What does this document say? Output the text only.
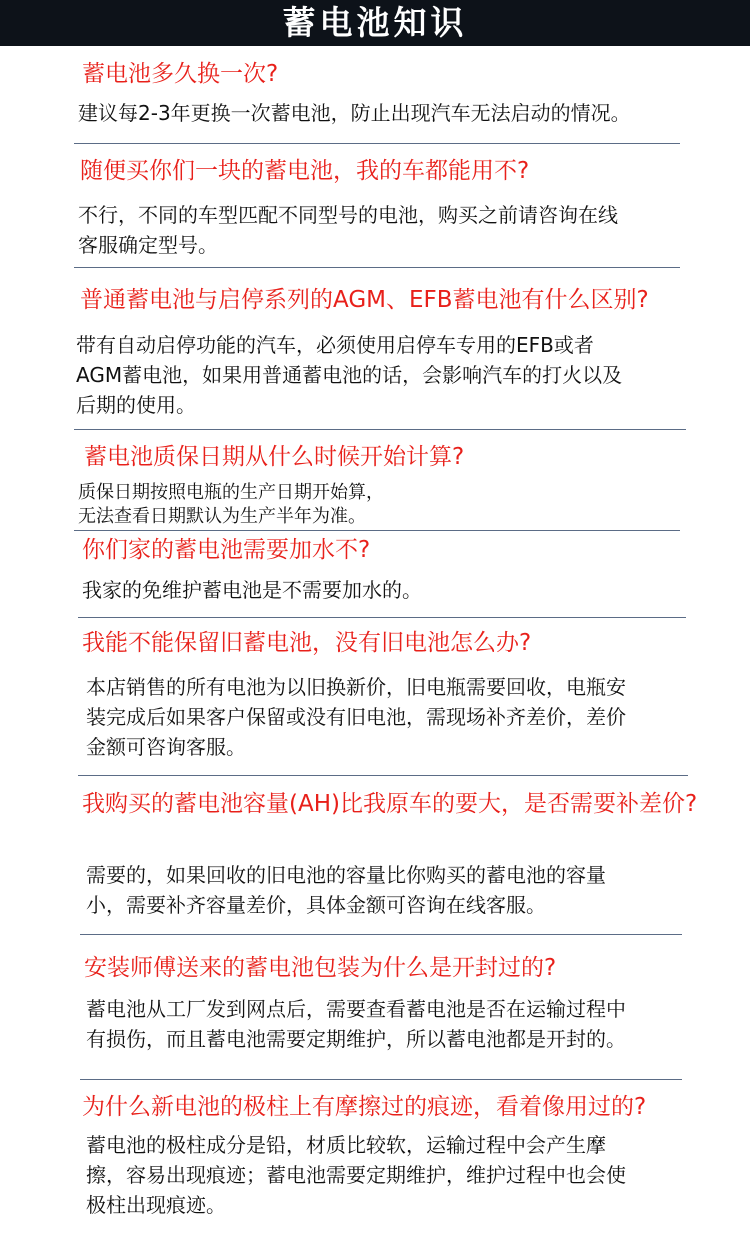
蓄电池知识
蓄电池多久换一次?
建议每2-3年更换一次蓄电池，防止出现汽车无法启动的情况。
随便买你们一块的蓄电池，我的车都能用不?
不行，不同的车型匹配不同型号的电池，购买之前请咨询在线
客服确定型号。
普通蓄电池与启停系列的AGM、EFB蓄电池有什么区别?
带有自动启停功能的汽车，必须使用启停车专用的EFB或者
AGM蓄电池，如果用普通蓄电池的话，会影响汽车的打火以及
后期的使用。
蓄电池质保日期从什么时候开始计算?
质保日期按照电瓶的生产日期开始算，
无法查看日期默认为生产半年为准。
你们家的蓄电池需要加水不?
我家的免维护蓄电池是不需要加水的。
我能不能保留旧蓄电池，没有旧电池怎么办?
本店销售的所有电池为以旧换新价，旧电瓶需要回收，电瓶安
装完成后如果客户保留或没有旧电池，需现场补齐差价，差价
金额可咨询客服。
我购买的蓄电池容量(AH)比我原车的要大，是否需要补差价?
需要的，如果回收的旧电池的容量比你购买的蓄电池的容量
小，需要补齐容量差价，具体金额可咨询在线客服。
安装师傅送来的蓄电池包装为什么是开封过的?
蓄电池从工厂发到网点后，需要查看蓄电池是否在运输过程中
有损伤，而且蓄电池需要定期维护，所以蓄电池都是开封的。
为什么新电池的极柱上有摩擦过的痕迹，看着像用过的?
蓄电池的极柱成分是铅，材质比较软，运输过程中会产生摩
擦，容易出现痕迹；蓄电池需要定期维护，维护过程中也会使
极柱出现痕迹。
